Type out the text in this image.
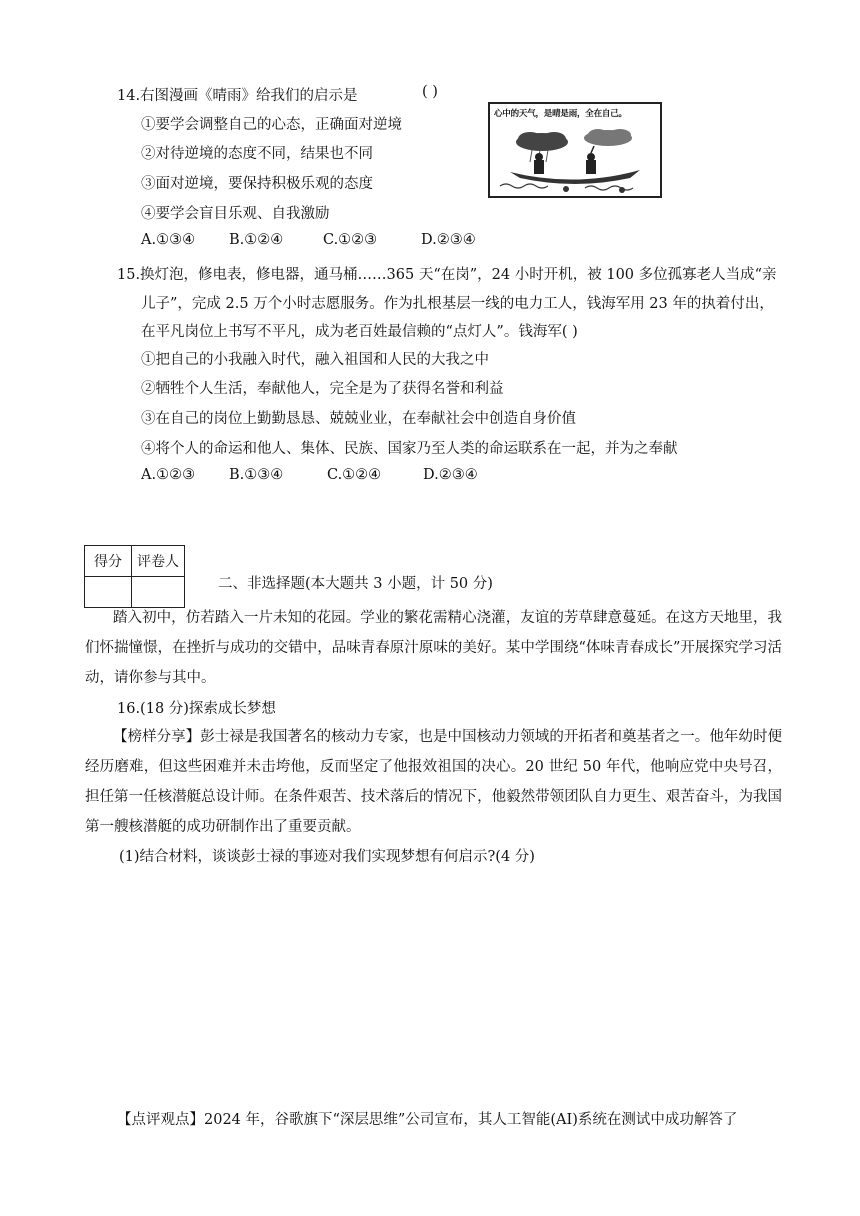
14.右图漫画《晴雨》给我们的启示是	( )
①要学会调整自己的心态，正确面对逆境
②对待逆境的态度不同，结果也不同
③面对逆境，要保持积极乐观的态度
④要学会盲目乐观、自我激励
A.①③④ B.①②④	C.①②③	D.②③④
心中的天气，是晴是雨，全在自己。
15.换灯泡，修电表，修电器，通马桶……365 天“在岗”，24 小时开机，被 100 多位孤寡老人当成“亲
儿子”，完成 2.5 万个小时志愿服务。作为扎根基层一线的电力工人，钱海军用 23 年的执着付出，
在平凡岗位上书写不平凡，成为老百姓最信赖的“点灯人”。钱海军( )
①把自己的小我融入时代，融入祖国和人民的大我之中
②牺牲个人生活，奉献他人，完全是为了获得名誉和利益
③在自己的岗位上勤勤恳恳、兢兢业业，在奉献社会中创造自身价值
④将个人的命运和他人、集体、民族、国家乃至人类的命运联系在一起，并为之奉献
A.①②③ B.①③④	C.①②④	D.②③④
得分	评卷人

二、非选择题(本大题共 3 小题，计 50 分)
踏入初中，仿若踏入一片未知的花园。学业的繁花需精心浇灌，友谊的芳草肆意蔓延。在这方天地里，我们怀揣憧憬，在挫折与成功的交错中，品味青春原汁原味的美好。某中学围绕“体味青春成长”开展探究学习活动，请你参与其中。
16.(18 分)探索成长梦想
【榜样分享】彭士禄是我国著名的核动力专家，也是中国核动力领域的开拓者和奠基者之一。他年幼时便经历磨难，但这些困难并未击垮他，反而坚定了他报效祖国的决心。20 世纪 50 年代，他响应党中央号召，担任第一任核潜艇总设计师。在条件艰苦、技术落后的情况下，他毅然带领团队自力更生、艰苦奋斗，为我国第一艘核潜艇的成功研制作出了重要贡献。
(1)结合材料，谈谈彭士禄的事迹对我们实现梦想有何启示?(4 分)
【点评观点】2024 年，谷歌旗下“深层思维”公司宣布，其人工智能(AI)系统在测试中成功解答了
